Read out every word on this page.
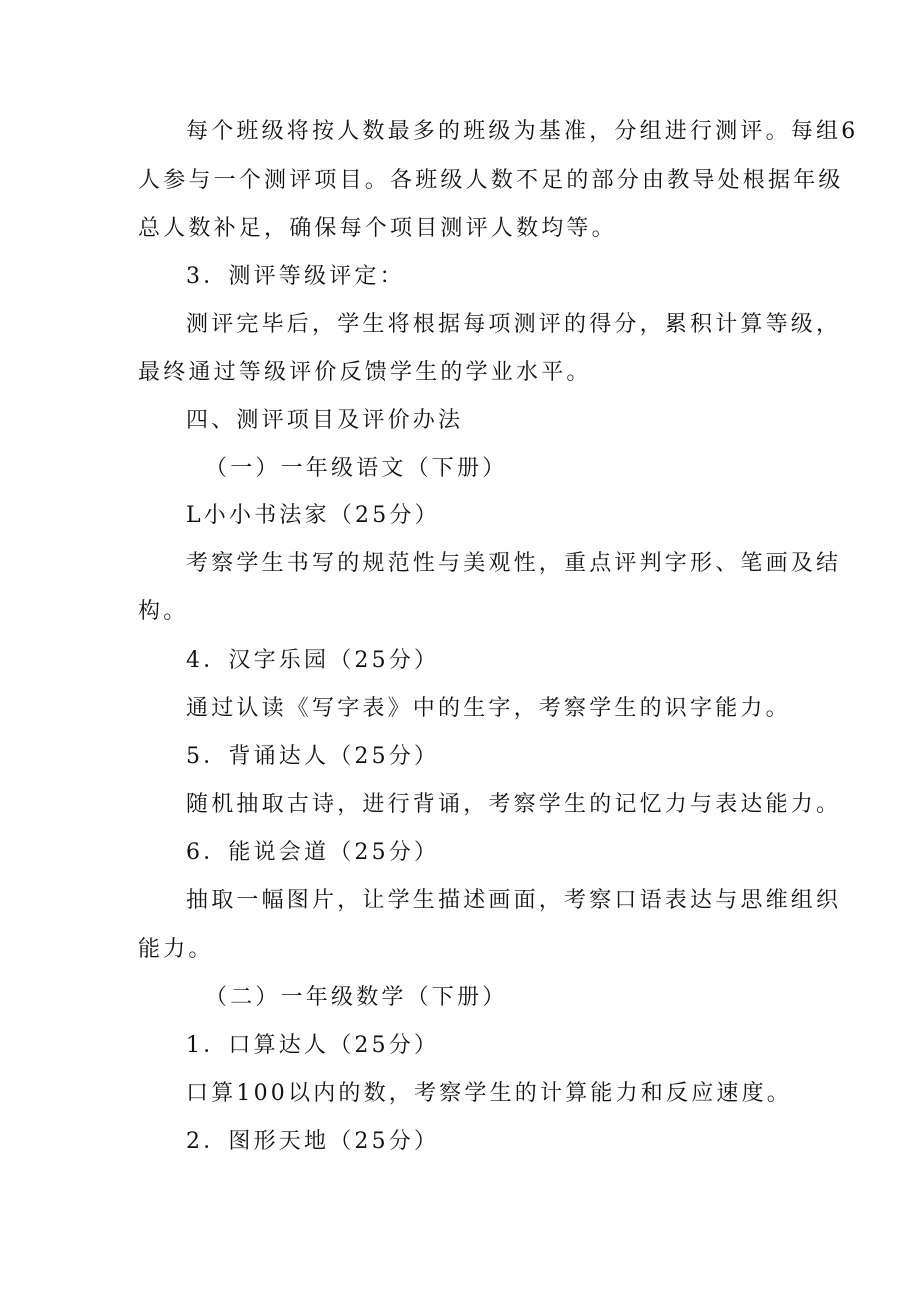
每个班级将按人数最多的班级为基准，分组进行测评。每组6
人参与一个测评项目。各班级人数不足的部分由教导处根据年级
总人数补足，确保每个项目测评人数均等。
3．测评等级评定：
测评完毕后，学生将根据每项测评的得分，累积计算等级，
最终通过等级评价反馈学生的学业水平。
四、测评项目及评价办法
（一）一年级语文（下册）
L小小书法家（25分）
考察学生书写的规范性与美观性，重点评判字形、笔画及结
构。
4．汉字乐园（25分）
通过认读《写字表》中的生字，考察学生的识字能力。
5．背诵达人（25分）
随机抽取古诗，进行背诵，考察学生的记忆力与表达能力。
6．能说会道（25分）
抽取一幅图片，让学生描述画面，考察口语表达与思维组织
能力。
（二）一年级数学（下册）
1．口算达人（25分）
口算100以内的数，考察学生的计算能力和反应速度。
2．图形天地（25分）
